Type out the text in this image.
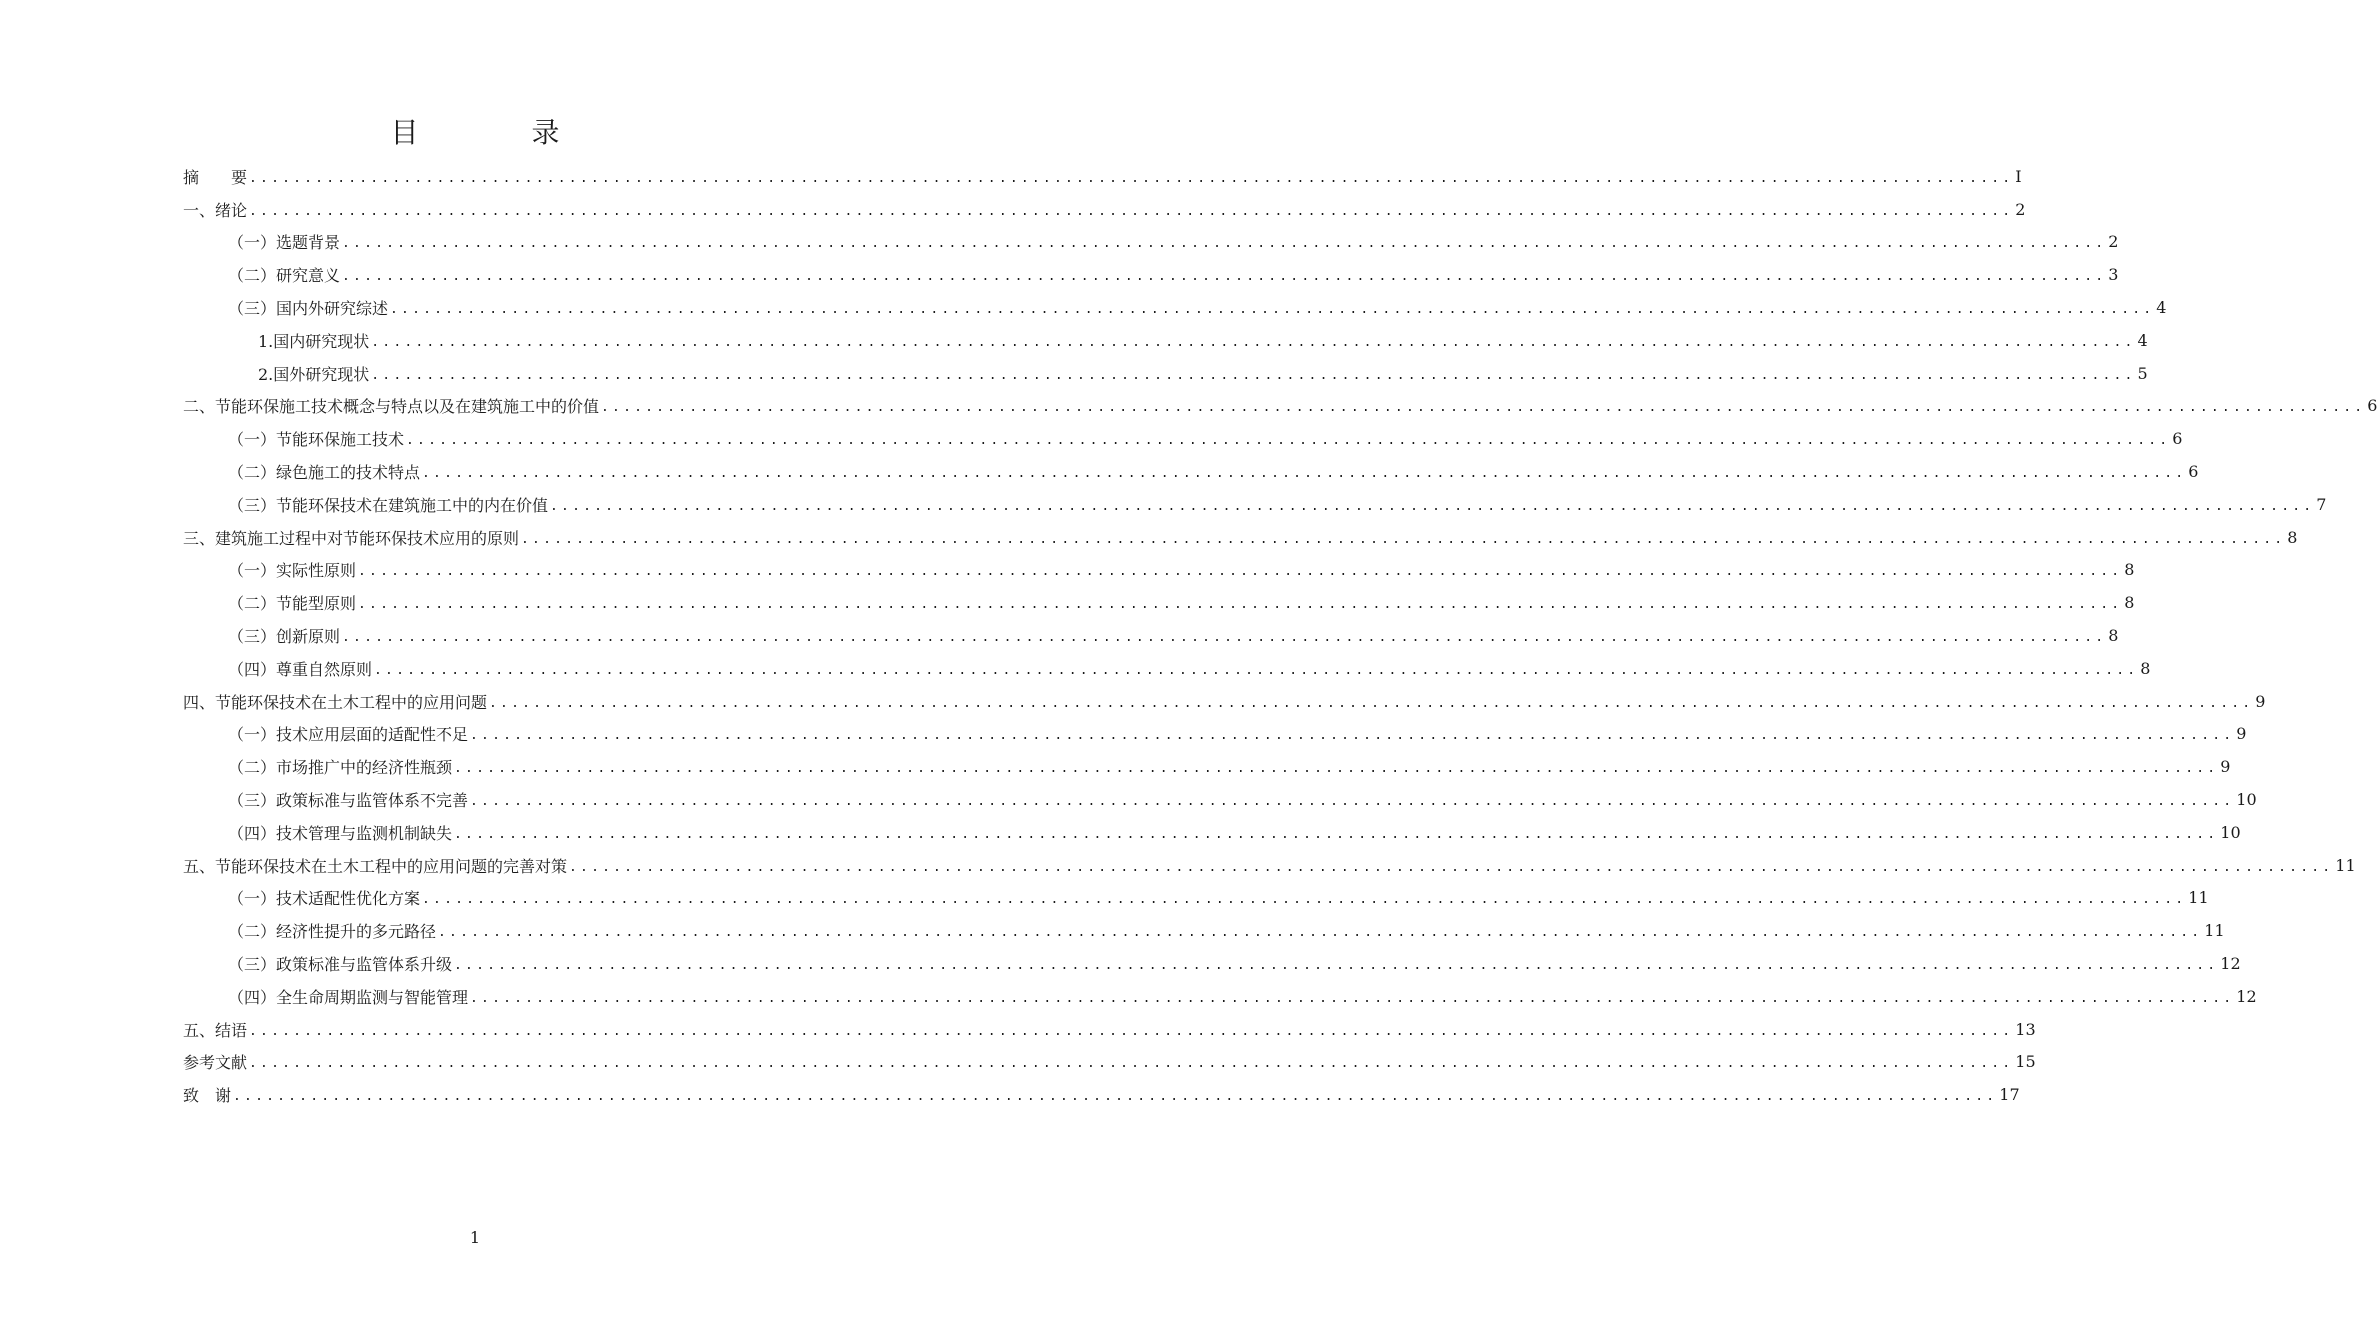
目 录
摘　　要 ................................................................................................................................................................ I
一、绪论 ................................................................................................................................................................ 2
（一）选题背景 ................................................................................................................................................................ 2
（二）研究意义 ................................................................................................................................................................ 3
（三）国内外研究综述 ................................................................................................................................................................ 4
1.国内研究现状 ................................................................................................................................................................ 4
2.国外研究现状 ................................................................................................................................................................ 5
二、节能环保施工技术概念与特点以及在建筑施工中的价值 ................................................................................................................................................................ 6
（一）节能环保施工技术 ................................................................................................................................................................ 6
（二）绿色施工的技术特点 ................................................................................................................................................................ 6
（三）节能环保技术在建筑施工中的内在价值 ................................................................................................................................................................ 7
三、建筑施工过程中对节能环保技术应用的原则 ................................................................................................................................................................ 8
（一）实际性原则 ................................................................................................................................................................ 8
（二）节能型原则 ................................................................................................................................................................ 8
（三）创新原则 ................................................................................................................................................................ 8
（四）尊重自然原则 ................................................................................................................................................................ 8
四、节能环保技术在土木工程中的应用问题 ................................................................................................................................................................ 9
（一）技术应用层面的适配性不足 ................................................................................................................................................................ 9
（二）市场推广中的经济性瓶颈 ................................................................................................................................................................ 9
（三）政策标准与监管体系不完善 ................................................................................................................................................................ 10
（四）技术管理与监测机制缺失 ................................................................................................................................................................ 10
五、节能环保技术在土木工程中的应用问题的完善对策 ................................................................................................................................................................ 11
（一）技术适配性优化方案 ................................................................................................................................................................ 11
（二）经济性提升的多元路径 ................................................................................................................................................................ 11
（三）政策标准与监管体系升级 ................................................................................................................................................................ 12
（四）全生命周期监测与智能管理 ................................................................................................................................................................ 12
五、结语 ................................................................................................................................................................ 13
参考文献 ................................................................................................................................................................ 15
致　谢 ................................................................................................................................................................ 17
1
